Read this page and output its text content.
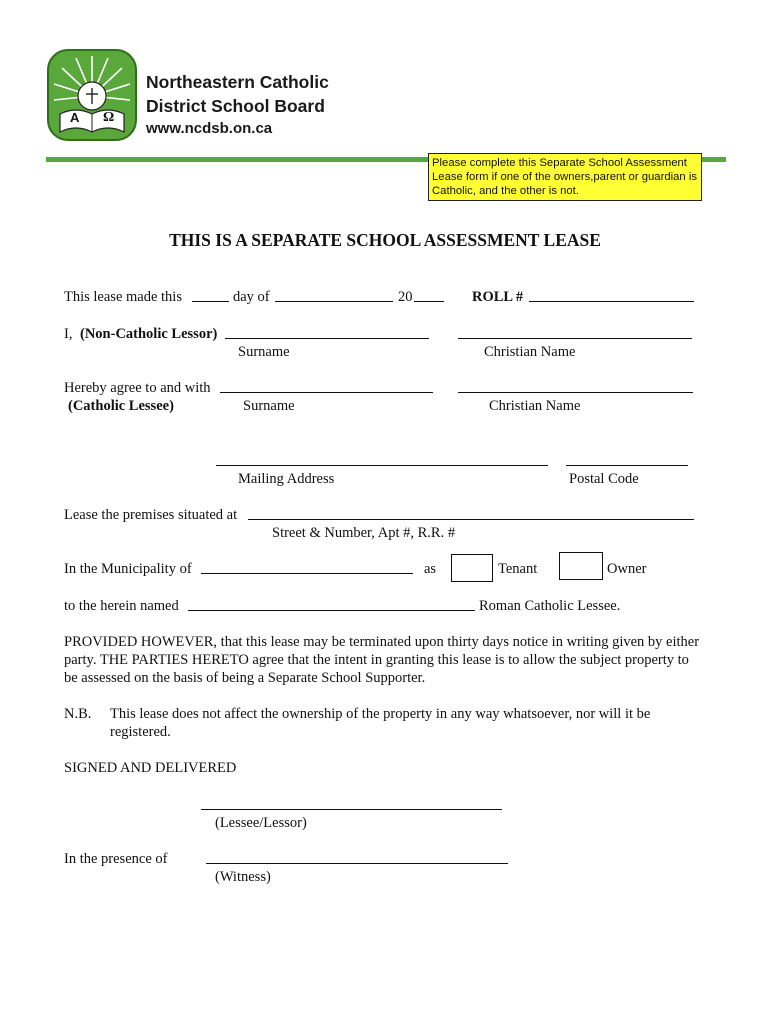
A Ω
Northeastern Catholic
District School Board
www.ncdsb.on.ca
Please complete this Separate School Assessment Lease form if one of the owners,parent or guardian is Catholic, and the other is not.
THIS IS A SEPARATE SCHOOL ASSESSMENT LEASE
This lease made this	day of	20	ROLL #
I, (Non-Catholic Lessor)
Surname	Christian Name
Hereby agree to and with
(Catholic Lessee)	Surname	Christian Name
Mailing Address	Postal Code
Lease the premises situated at
Street & Number, Apt #, R.R. #
In the Municipality of	as	Tenant	Owner
to the herein named	Roman Catholic Lessee.
PROVIDED HOWEVER, that this lease may be terminated upon thirty days notice in writing given by either party. THE PARTIES HERETO agree that the intent in granting this lease is to allow the subject property to be assessed on the basis of being a Separate School Supporter.
N.B. This lease does not affect the ownership of the property in any way whatsoever, nor will it be registered.
SIGNED AND DELIVERED
(Lessee/Lessor)
In the presence of
(Witness)
